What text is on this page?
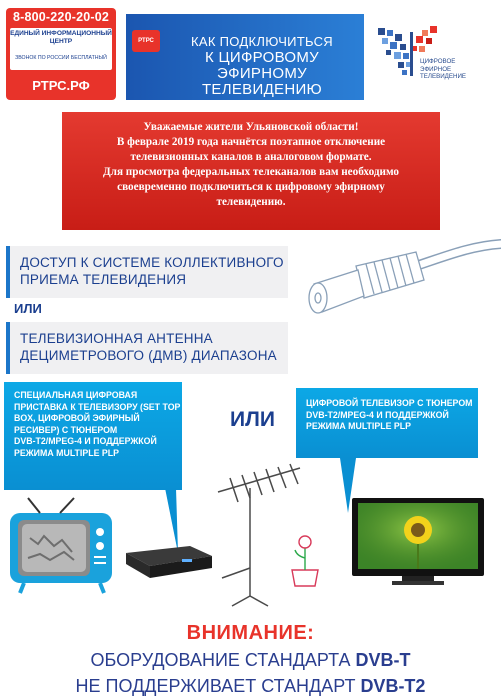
8-800-220-20-02
ЕДИНЫЙ ИНФОРМАЦИОННЫЙ ЦЕНТР
ЗВОНОК ПО РОССИИ БЕСПЛАТНЫЙ
РТРС.РФ
РТРС	КАК ПОДКЛЮЧИТЬСЯ
К ЦИФРОВОМУ ЭФИРНОМУ
ТЕЛЕВИДЕНИЮ
ЦИФРОВОЕ
ЭФИРНОЕ
ТЕЛЕВИДЕНИЕ
Уважаемые жители Ульяновской области!
В феврале 2019 года начнётся поэтапное отключение
телевизионных каналов в аналоговом формате.
Для просмотра федеральных телеканалов вам необходимо
своевременно подключиться к цифровому эфирному
телевидению.
ДОСТУП К СИСТЕМЕ КОЛЛЕКТИВНОГО
ПРИЕМА ТЕЛЕВИДЕНИЯ
ИЛИ
ТЕЛЕВИЗИОННАЯ АНТЕННА
ДЕЦИМЕТРОВОГО (ДМВ) ДИАПАЗОНА
СПЕЦИАЛЬНАЯ ЦИФРОВАЯ
ПРИСТАВКА К ТЕЛЕВИЗОРУ (SET TOP
BOX, ЦИФРОВОЙ ЭФИРНЫЙ
РЕСИВЕР) С ТЮНЕРОМ
DVB-T2/MPEG-4 И ПОДДЕРЖКОЙ
РЕЖИМА MULTIPLE PLP
ИЛИ
ЦИФРОВОЙ ТЕЛЕВИЗОР С ТЮНЕРОМ
DVB-T2/MPEG-4 И ПОДДЕРЖКОЙ
РЕЖИМА MULTIPLE PLP
ВНИМАНИЕ:
ОБОРУДОВАНИЕ СТАНДАРТА DVB-T
НЕ ПОДДЕРЖИВАЕТ СТАНДАРТ DVB-T2
